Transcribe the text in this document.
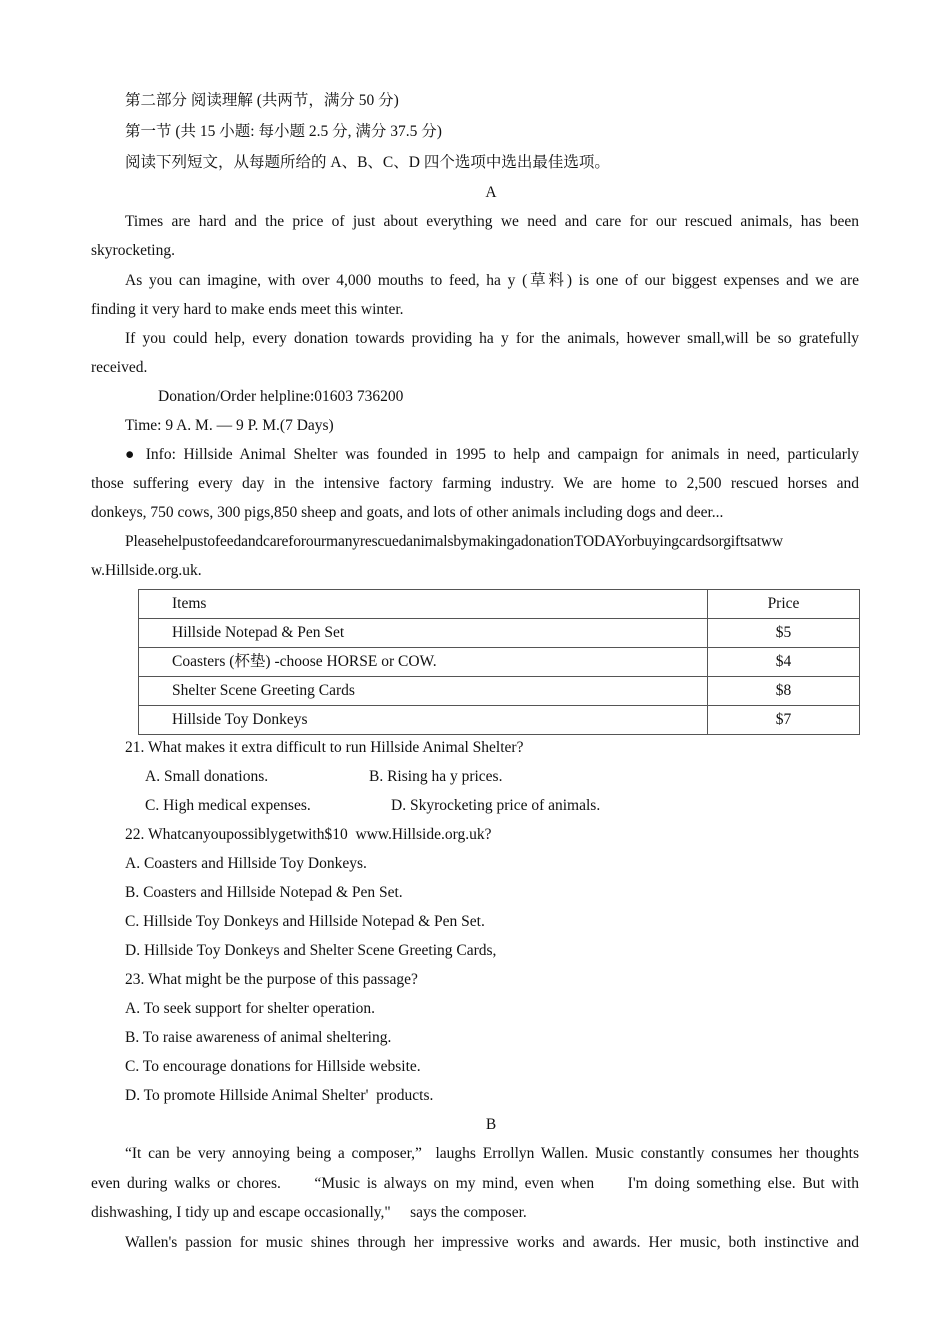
第二部分 阅读理解 (共两节，满分 50 分)

第一节 (共 15 小题: 每小题 2.5 分, 满分 37.5 分)

阅读下列短文，从每题所给的 A、B、C、D 四个选项中选出最佳选项。

A
Times are hard and the price of just about everything we need and care for our rescued animals, has been

skyrocketing.

As you can imagine, with over 4,000 mouths to feed, ha y (草料) is one of our biggest expenses and we are

finding it very hard to make ends meet this winter.

If you could help, every donation towards providing ha y for the animals, however small,will be so gratefully

received.

Donation/Order helpline:01603 736200

Time: 9 A. M. — 9 P. M.(7 Days)

● Info: Hillside Animal Shelter was founded in 1995 to help and campaign for animals in need, particularly
those suffering every day in the intensive factory farming industry. We are home to 2,500 rescued horses and

donkeys, 750 cows, 300 pigs,850 sheep and goats, and lots of other animals including dogs and deer...

PleasehelpustofeedandcareforourmanyrescuedanimalsbymakingadonationTODAYorbuyingcardsorgiftsatww

w.Hillside.org.uk.

Items	Price
Hillside Notepad & Pen Set	$5
Coasters (杯垫) -choose HORSE or COW.	$4
Shelter Scene Greeting Cards	$8
Hillside Toy Donkeys	$7

21. What makes it extra difficult to run Hillside Animal Shelter?

A. Small donations.	B. Rising ha y prices.

C. High medical expenses.	D. Skyrocketing price of animals.

22. Whatcanyoupossiblygetwith$10  www.Hillside.org.uk?

A. Coasters and Hillside Toy Donkeys.

B. Coasters and Hillside Notepad & Pen Set.

C. Hillside Toy Donkeys and Hillside Notepad & Pen Set.

D. Hillside Toy Donkeys and Shelter Scene Greeting Cards,

23. What might be the purpose of this passage?

A. To seek support for shelter operation.

B. To raise awareness of animal sheltering.

C. To encourage donations for Hillside website.

D. To promote Hillside Animal Shelter'  products.

B
“It can be very annoying being a composer,”  laughs Errollyn Wallen. Music constantly consumes her thoughts
even during walks or chores.     “Music is always on my mind, even when     I'm doing something else. But with

dishwashing, I tidy up and escape occasionally,"     says the composer.

Wallen's passion for music shines through her impressive works and awards. Her music, both instinctive and
